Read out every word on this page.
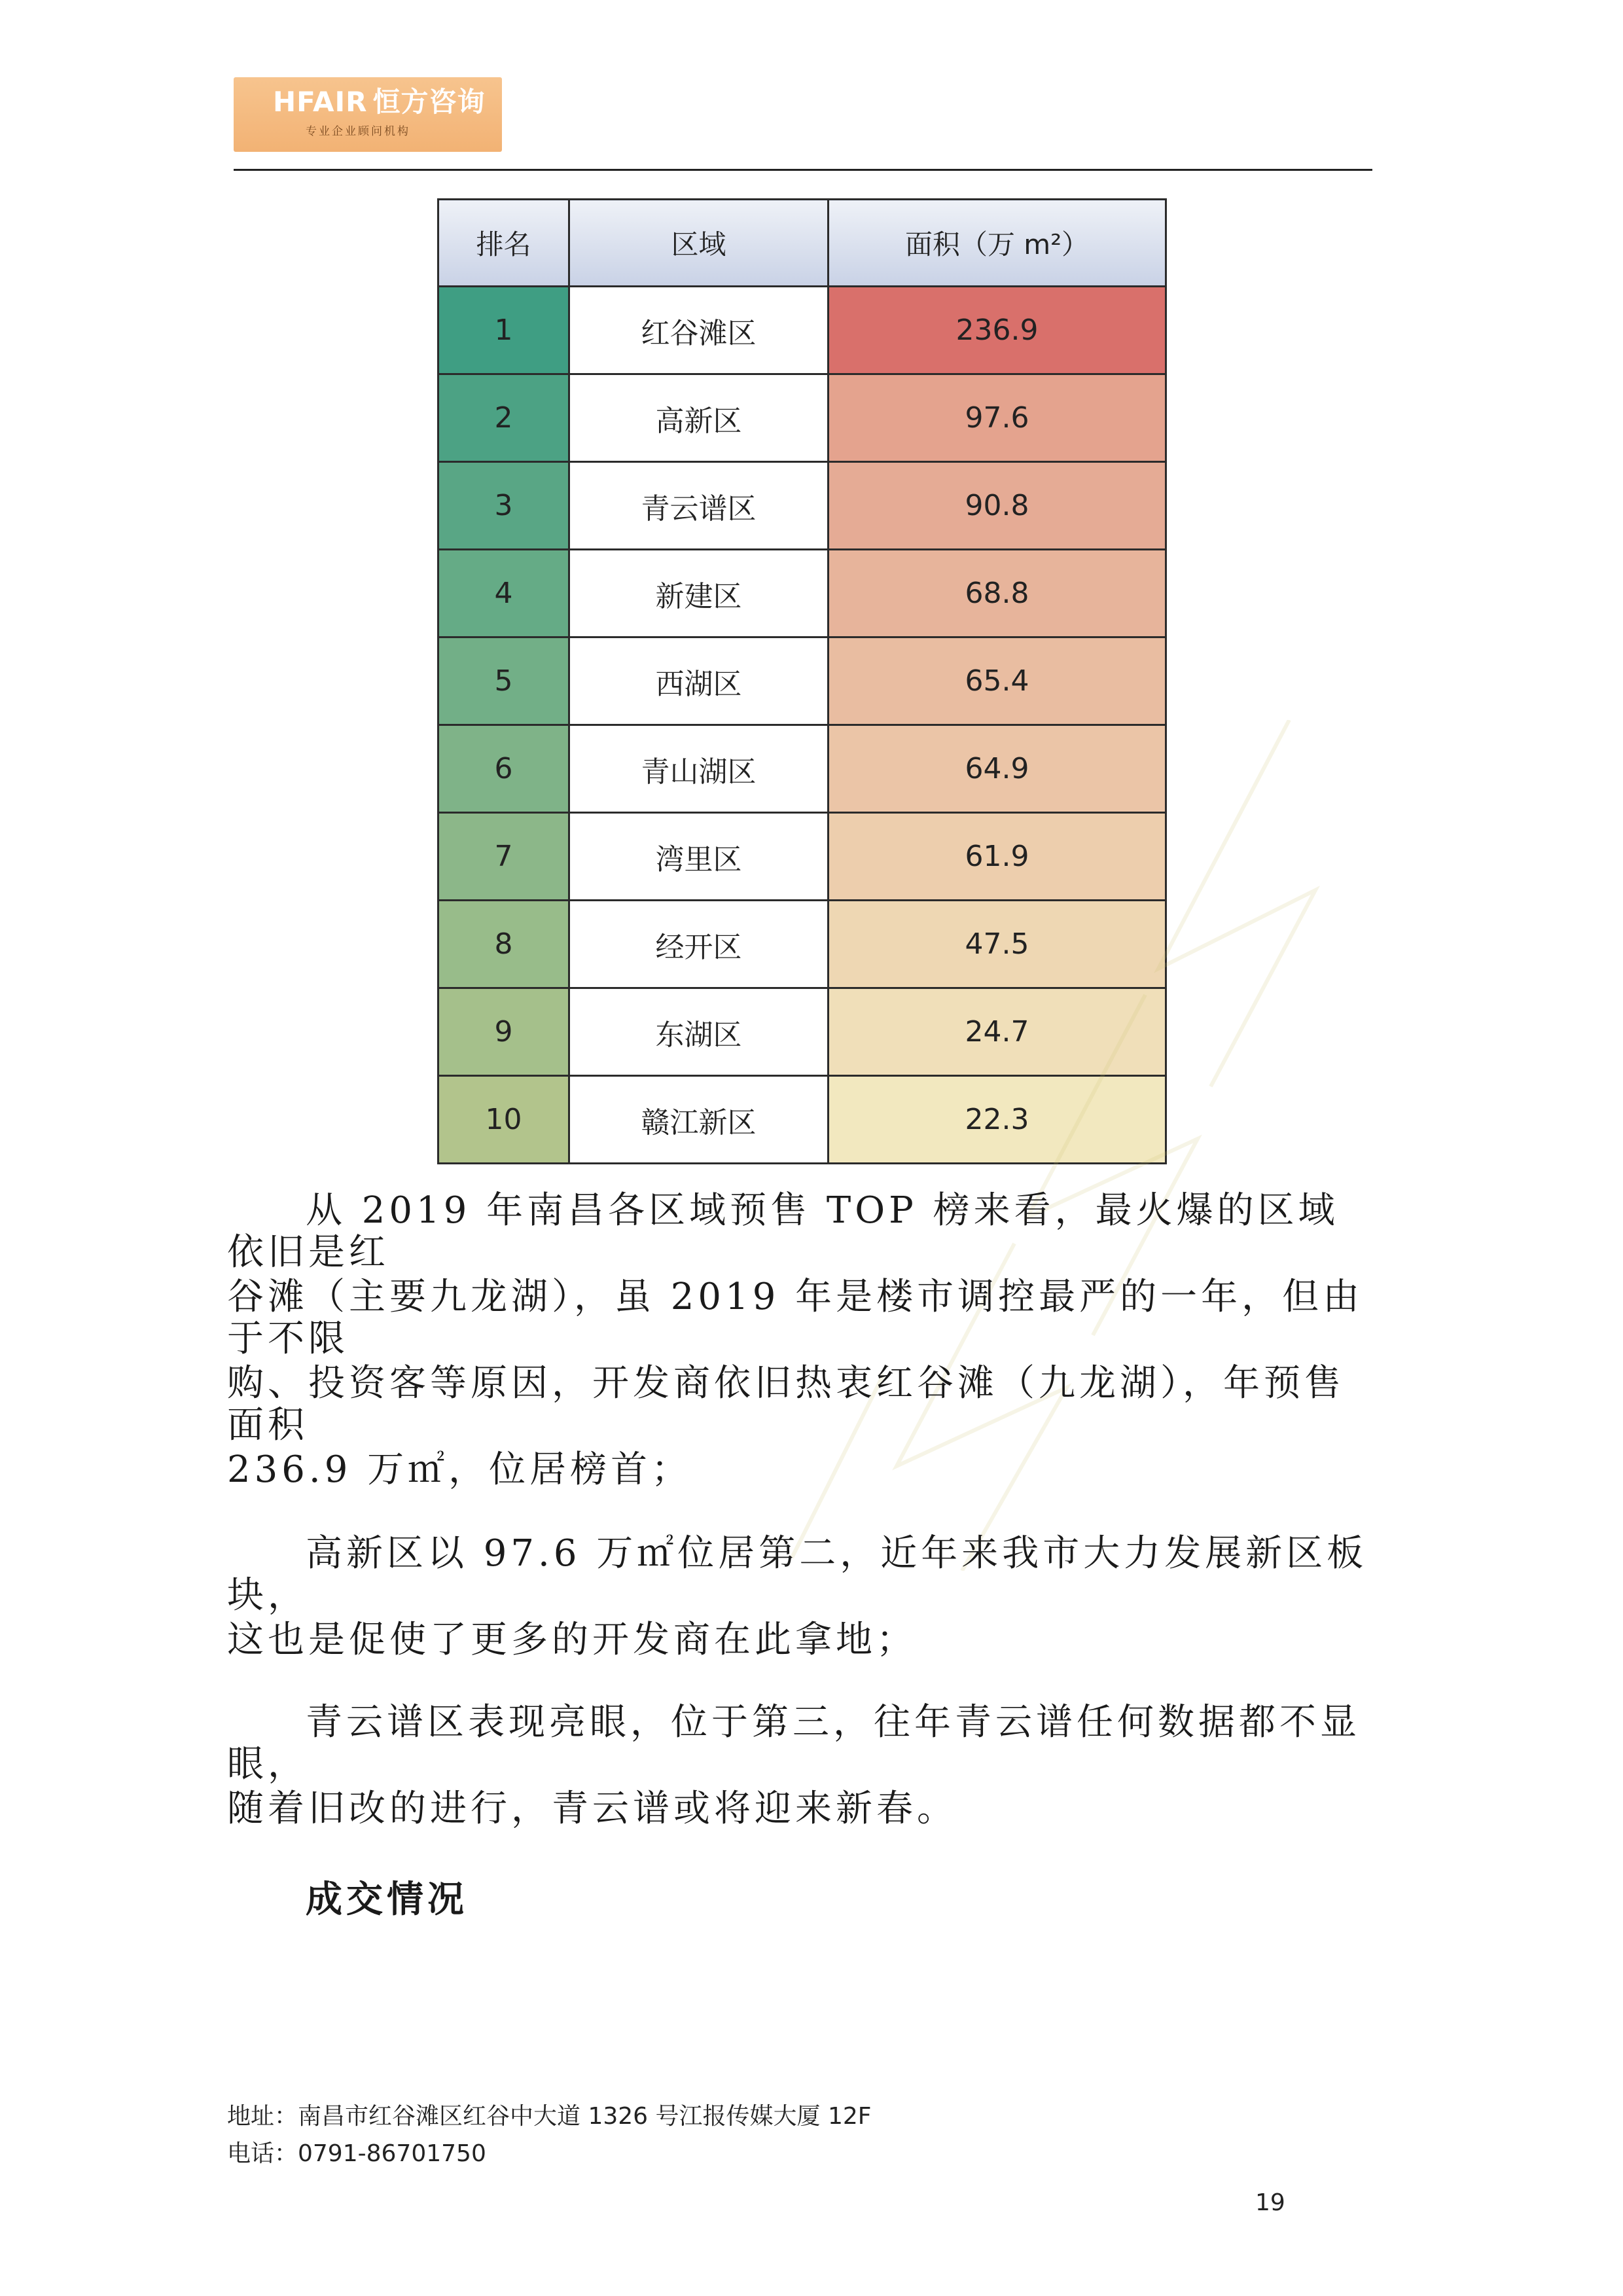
HFAIR 恒方咨询
专业企业顾问机构
排名	区域	面积（万 m²）
1	红谷滩区	236.9
2	高新区	97.6
3	青云谱区	90.8
4	新建区	68.8
5	西湖区	65.4
6	青山湖区	64.9
7	湾里区	61.9
8	经开区	47.5
9	东湖区	24.7
10	赣江新区	22.3
从 2019 年南昌各区域预售 TOP 榜来看，最火爆的区域依旧是红
谷滩（主要九龙湖），虽 2019 年是楼市调控最严的一年，但由于不限
购、投资客等原因，开发商依旧热衷红谷滩（九龙湖），年预售面积
236.9 万㎡，位居榜首；
高新区以 97.6 万㎡位居第二，近年来我市大力发展新区板块，
这也是促使了更多的开发商在此拿地；
青云谱区表现亮眼，位于第三，往年青云谱任何数据都不显眼，
随着旧改的进行，青云谱或将迎来新春。
成交情况
地址：南昌市红谷滩区红谷中大道 1326 号江报传媒大厦 12F
电话：0791-86701750
19
